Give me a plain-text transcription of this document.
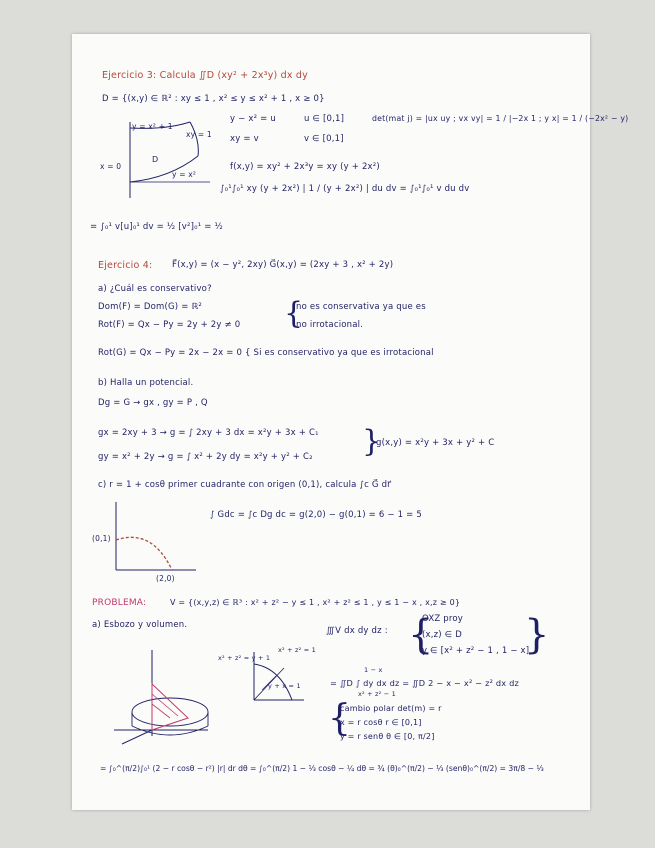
Ejercicio 3: Calcula ∬D (xy² + 2x³y) dx dy
D = {(x,y) ∈ ℝ² : xy ≤ 1 , x² ≤ y ≤ x² + 1 , x ≥ 0}
y = x² + 1
xy = 1
D
y = x²
x = 0
y − x² = u	u ∈ [0,1]
xy = v	v ∈ [0,1]
det(mat j) = |ux uy ; vx vy| = 1 / |−2x 1 ; y x| = 1 / (−2x² − y)
f(x,y) = xy² + 2x³y = xy (y + 2x²)
∫₀¹∫₀¹ xy (y + 2x²) | 1 / (y + 2x²) | du dv = ∫₀¹∫₀¹ v du dv
= ∫₀¹ v[u]₀¹ dv = ½ [v²]₀¹ = ½
Ejercicio 4: F⃗(x,y) = (x − y², 2xy) G⃗(x,y) = (2xy + 3 , x² + 2y)
a) ¿Cuál es conservativo?
Dom(F) = Dom(G) = ℝ²
Rot(F) = Qx − Py = 2y + 2y ≠ 0 {
no es conservativa ya que es
no irrotacional.
Rot(G) = Qx − Py = 2x − 2x = 0 { Si es conservativo ya que es irrotacional
b) Halla un potencial.
Dg = G → gx , gy = P , Q
gx = 2xy + 3 → g = ∫ 2xy + 3 dx = x²y + 3x + C₁
gy = x² + 2y → g = ∫ x² + 2y dy = x²y + y² + C₂ }
g(x,y) = x²y + 3x + y² + C
c) r = 1 + cosθ primer cuadrante con origen (0,1), calcula ∫c G⃗ dr⃗
(0,1)
(2,0)
∫ Gdc = ∫c Dg dc = g(2,0) − g(0,1) = 6 − 1 = 5
PROBLEMA:	V = {(x,y,z) ∈ ℝ³ : x² + z² − y ≤ 1 , x² + z² ≤ 1 , y ≤ 1 − x , x,z ≥ 0}
a) Esbozo y volumen.
∭V dx dy dz : {
OXZ proy
(x,z) ∈ D
y ∈ [x² + z² − 1 , 1 − x]
}
x² + z² = y + 1
x² + z² = 1
y + x = 1
1 − x
= ∬D ∫ dy dx dz = ∬D 2 − x − x² − z² dx dz
x² + z² − 1
{
cambio polar det(m) = r
x = r cosθ r ∈ [0,1]
y = r senθ θ ∈ [0, π/2]
= ∫₀^(π/2)∫₀¹ (2 − r cosθ − r²) |r| dr dθ = ∫₀^(π/2) 1 − ⅓ cosθ − ¼ dθ = ¾ (θ)₀^(π/2) − ⅓ (senθ)₀^(π/2) = 3π/8 − ⅓
